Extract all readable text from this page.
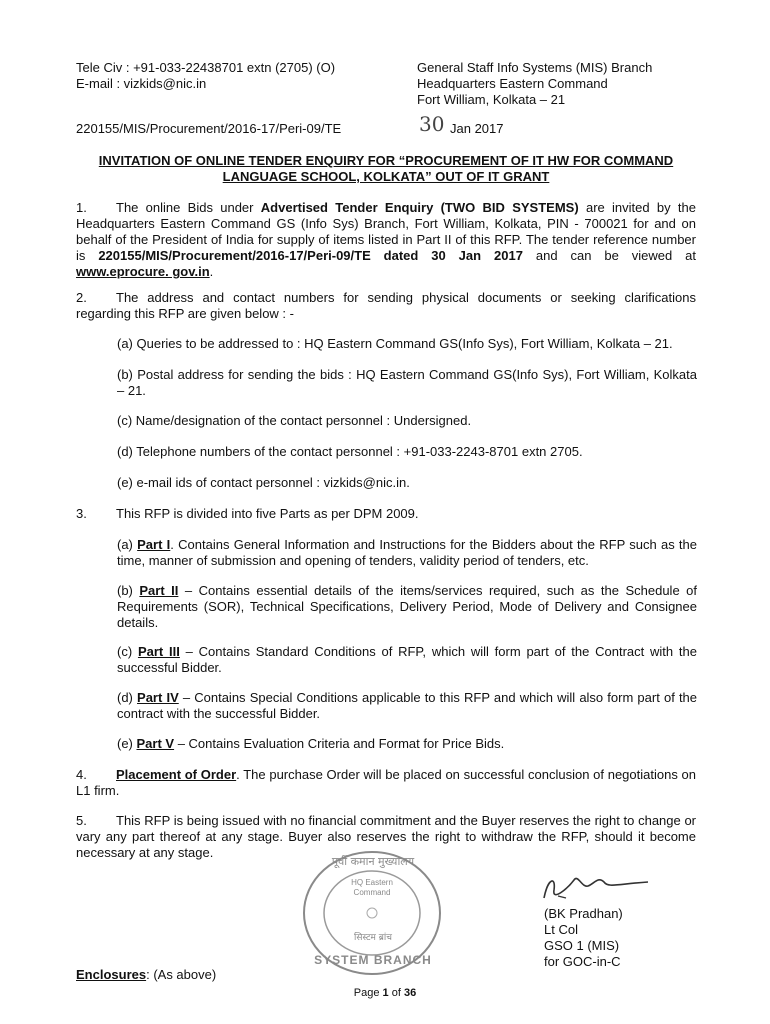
Tele Civ : +91-033-22438701 extn (2705) (O)
E-mail : vizkids@nic.in
General Staff Info Systems (MIS) Branch
Headquarters Eastern Command
Fort William, Kolkata – 21
220155/MIS/Procurement/2016-17/Peri-09/TE	30 Jan 2017
INVITATION OF ONLINE TENDER ENQUIRY FOR “PROCUREMENT OF IT HW FOR COMMAND
LANGUAGE SCHOOL, KOLKATA” OUT OF IT GRANT
1. The online Bids under Advertised Tender Enquiry (TWO BID SYSTEMS) are invited by the Headquarters Eastern Command GS (Info Sys) Branch, Fort William, Kolkata, PIN - 700021 for and on behalf of the President of India for supply of items listed in Part II of this RFP. The tender reference number is 220155/MIS/Procurement/2016-17/Peri-09/TE dated 30 Jan 2017 and can be viewed at www.eprocure. gov.in.
2. The address and contact numbers for sending physical documents or seeking clarifications regarding this RFP are given below : -
(a) Queries to be addressed to : HQ Eastern Command GS(Info Sys), Fort William, Kolkata – 21.
(b) Postal address for sending the bids : HQ Eastern Command GS(Info Sys), Fort William, Kolkata – 21.
(c) Name/designation of the contact personnel : Undersigned.
(d) Telephone numbers of the contact personnel : +91-033-2243-8701 extn 2705.
(e) e-mail ids of contact personnel : vizkids@nic.in.
3. This RFP is divided into five Parts as per DPM 2009.
(a) Part I. Contains General Information and Instructions for the Bidders about the RFP such as the time, manner of submission and opening of tenders, validity period of tenders, etc.
(b) Part II – Contains essential details of the items/services required, such as the Schedule of Requirements (SOR), Technical Specifications, Delivery Period, Mode of Delivery and Consignee details.
(c) Part III – Contains Standard Conditions of RFP, which will form part of the Contract with the successful Bidder.
(d) Part IV – Contains Special Conditions applicable to this RFP and which will also form part of the contract with the successful Bidder.
(e) Part V – Contains Evaluation Criteria and Format for Price Bids.
4. Placement of Order. The purchase Order will be placed on successful conclusion of negotiations on L1 firm.
5. This RFP is being issued with no financial commitment and the Buyer reserves the right to change or vary any part thereof at any stage. Buyer also reserves the right to withdraw the RFP, should it become necessary at any stage.
पूर्वी कमान मुख्यालय
HQ Eastern Command
सिस्टम ब्रांच
SYSTEM BRANCH
(BK Pradhan)
Lt Col
GSO 1 (MIS)
for GOC-in-C
Enclosures: (As above)
Page 1 of 36
